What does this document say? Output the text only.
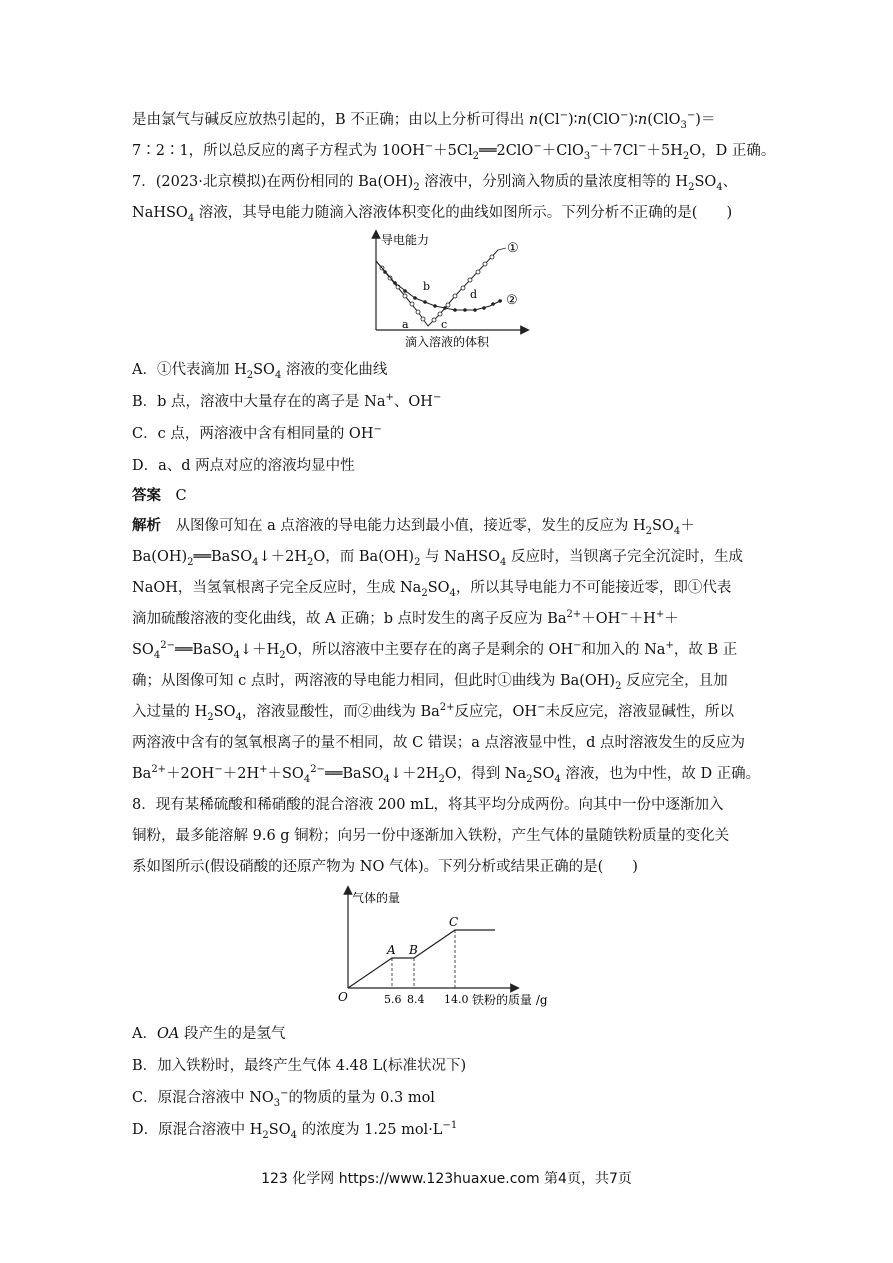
是由氯气与碱反应放热引起的，B 不正确；由以上分析可得出 n(Cl−)∶n(ClO−)∶n(ClO$_3$−)＝
7∶2∶1，所以总反应的离子方程式为 $10OH^-+5Cl_2══2ClO^-+ClO_3^-+7Cl^-+5H_2O$，D 正确。
7．(2023·北京模拟)在两份相同的 $Ba(OH)_2$ 溶液中，分别滴入物质的量浓度相等的 $H_2SO_4$、
NaHSO$_4$ 溶液，其导电能力随滴入溶液体积变化的曲线如图所示。下列分析不正确的是(　　)
A．①代表滴加 $H_2SO_4$ 溶液的变化曲线
B．b 点，溶液中大量存在的离子是 Na+、OH−
C．c 点，两溶液中含有相同量的 OH−
D．a、d 两点对应的溶液均显中性
答案　C
解析　从图像可知在 a 点溶液的导电能力达到最小值，接近零，发生的反应为 $H_2SO_4+$
$Ba(OH)_2══BaSO_4↓+2H_2O$，而 $Ba(OH)_2$ 与 NaHSO$_4$ 反应时，当钡离子完全沉淀时，生成
NaOH，当氢氧根离子完全反应时，生成 $Na_2SO_4$，所以其导电能力不可能接近零，即①代表
滴加硫酸溶液的变化曲线，故 A 正确；b 点时发生的离子反应为 $Ba^{2+}+OH^-+H^++$
$SO_4^{2-}══BaSO_4↓+H_2O$，所以溶液中主要存在的离子是剩余的 OH−和加入的 Na+，故 B 正
确；从图像可知 c 点时，两溶液的导电能力相同，但此时①曲线为 $Ba(OH)_2$ 反应完全，且加
入过量的 $H_2SO_4$，溶液显酸性，而②曲线为 $Ba^{2+}$反应完，OH−未反应完，溶液显碱性，所以
两溶液中含有的氢氧根离子的量不相同，故 C 错误；a 点溶液显中性，d 点时溶液发生的反应为
$Ba^{2+}+2OH^-+2H^++SO_4^{2-}══BaSO_4↓+2H_2O$，得到 $Na_2SO_4$ 溶液，也为中性，故 D 正确。
8．现有某稀硫酸和稀硝酸的混合溶液 200 mL，将其平均分成两份。向其中一份中逐渐加入
铜粉，最多能溶解 9.6 g 铜粉；向另一份中逐渐加入铁粉，产生气体的量随铁粉质量的变化关
系如图所示(假设硝酸的还原产物为 NO 气体)。下列分析或结果正确的是(　　)
A．OA 段产生的是氢气
B．加入铁粉时，最终产生气体 4.48 L(标准状况下)
C．原混合溶液中 $NO_3^-$的物质的量为 0.3 mol
D．原混合溶液中 $H_2SO_4$ 的浓度为 1.25 $mol\cdot L^{-1}$
导电能力
①
②
a
b
c
d
滴入溶液的体积
气体的量
A B
C
O	5.6 8.4 14.0 铁粉的质量 /g
123 化学网 https://www.123huaxue.com 第4页，共7页
